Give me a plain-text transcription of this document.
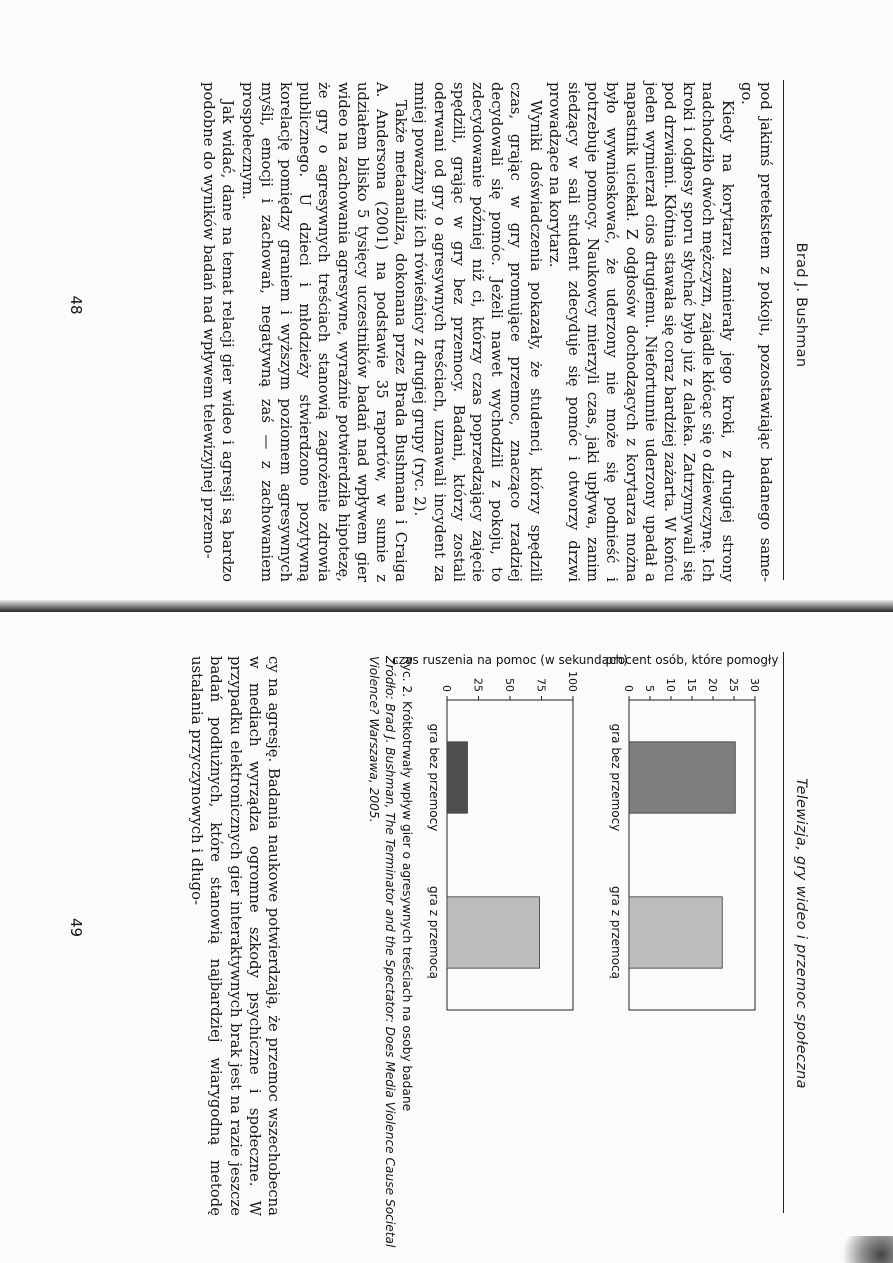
Brad J. Bushman

pod jakimś pretekstem z pokoju, pozostawiając badanego same-go.

Kiedy na korytarzu zamierały jego kroki, z drugiej strony nadchodziło dwóch mężczyzn, zajadle kłócąc się o dziewczynę. Ich kroki i odgłosy sporu słychać było już z daleka. Zatrzymywali się pod drzwiami. Kłótnia stawała się coraz bardziej zażarta. W końcu jeden wymierzał cios drugiemu. Niefortunnie uderzony upadał a napastnik uciekał. Z odgłosów dochodzących z korytarza można było wywnioskować, że uderzony nie może się podnieść i potrzebuje pomocy. Naukowcy mierzyli czas, jaki upływa, zanim siedzący w sali student zdecyduje się pomóc i otworzy drzwi prowadzące na korytarz.

Wyniki doświadczenia pokazały, że studenci, którzy spędzili czas, grając w gry promujące przemoc, znacząco rzadziej decydowali się pomóc. Jeżeli nawet wychodzili z pokoju, to zdecydowanie później niż ci, którzy czas poprzedzający zajęcie spędzili, grając w gry bez przemocy. Badani, którzy zostali oderwani od gry o agresywnych treściach, uznawali incydent za mniej poważny niż ich rówieśnicy z drugiej grupy (ryc. 2).

Także metaanaliza, dokonana przez Brada Bushmana i Craiga A. Andersona (2001) na podstawie 35 raportów, w sumie z udziałem blisko 5 tysięcy uczestników badań nad wpływem gier wideo na zachowania agresywne, wyraźnie potwierdziła hipotezę, że gry o agresywnych treściach stanowią zagrożenie zdrowia publicznego. U dzieci i młodzieży stwierdzono pozytywną korelację pomiędzy graniem i wyższym poziomem agresywnych myśli, emocji i zachowań, negatywną zaś — z zachowaniem prospołecznym.

Jak widać, dane na temat relacji gier wideo i agresji są bardzo podobne do wyników badań nad wpływem telewizyjnej przemo-

48
Telewizja, gry wideo i przemoc społeczna
procent osób, które pomogły
0 5 10 15 20 25 30
gra bez przemocy
gra z przemocą
czas ruszenia na pomoc (w sekundach)
0 25 50 75 100
gra bez przemocy
gra z przemocą
Ryc. 2. Krótkotrwały wpływ gier o agresywnych treściach na osoby badane
Źródło: Brad J. Bushman, The Terminator and the Spectator: Does Media Violence Cause Societal Violence? Warszawa, 2005.

cy na agresję. Badania naukowe potwierdzają, że przemoc wszechobecna w mediach wyrządza ogromne szkody psychiczne i społeczne. W przypadku elektronicznych gier interaktywnych brak jest na razie jeszcze badań podłużnych, które stanowią najbardziej wiarygodną metodę ustalania przyczynowych i długo-

49
